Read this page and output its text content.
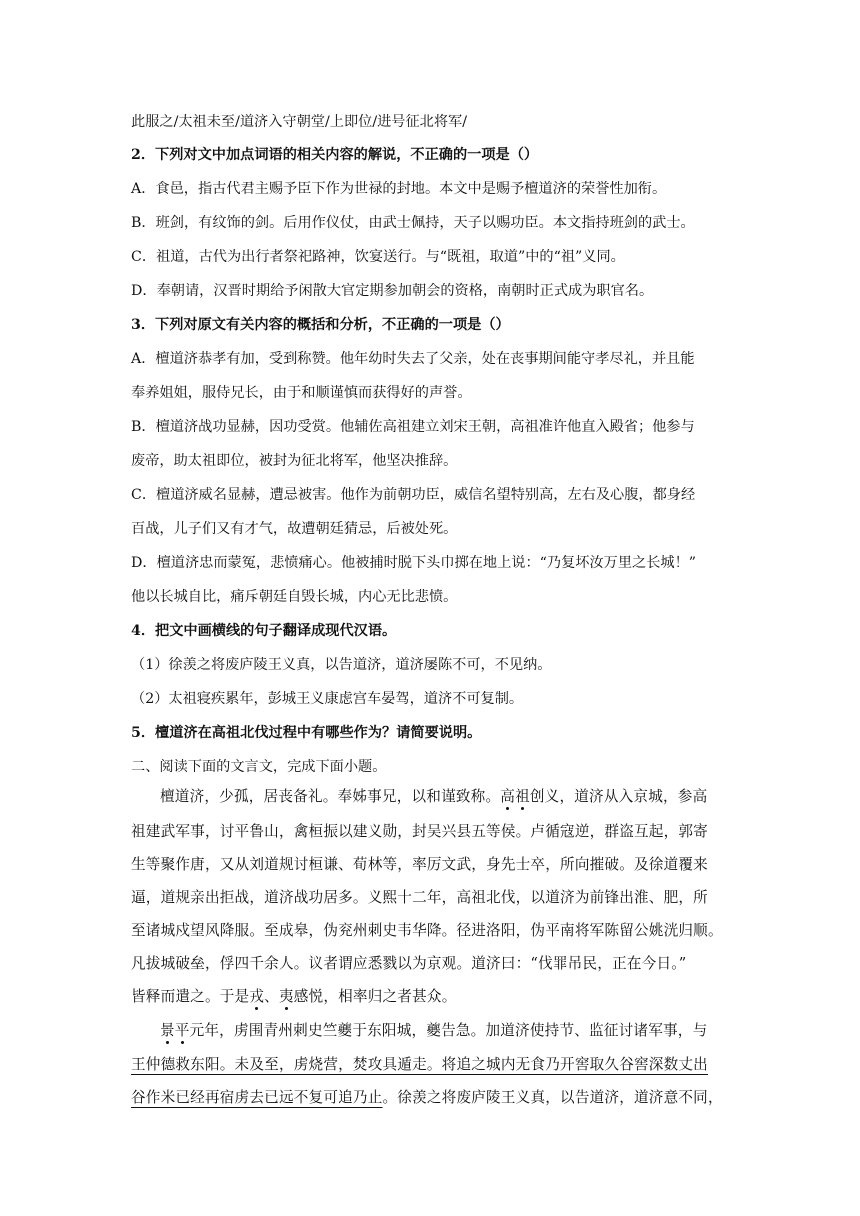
此服之/太祖未至/道济入守朝堂/上即位/进号征北将军/
2．下列对文中加点词语的相关内容的解说，不正确的一项是（）
A．食邑，指古代君主赐予臣下作为世禄的封地。本文中是赐予檀道济的荣誉性加衔。
B．班剑，有纹饰的剑。后用作仪仗，由武士佩持，天子以赐功臣。本文指持班剑的武士。
C．祖道，古代为出行者祭祀路神，饮宴送行。与“既祖，取道”中的“祖”义同。
D．奉朝请，汉晋时期给予闲散大官定期参加朝会的资格，南朝时正式成为职官名。
3．下列对原文有关内容的概括和分析，不正确的一项是（）
A．檀道济恭孝有加，受到称赞。他年幼时失去了父亲，处在丧事期间能守孝尽礼，并且能
奉养姐姐，服侍兄长，由于和顺谨慎而获得好的声誉。
B．檀道济战功显赫，因功受赏。他辅佐高祖建立刘宋王朝，高祖准许他直入殿省；他参与
废帝，助太祖即位，被封为征北将军，他坚决推辞。
C．檀道济威名显赫，遭忌被害。他作为前朝功臣，威信名望特别高，左右及心腹，都身经
百战，儿子们又有才气，故遭朝廷猜忌，后被处死。
D．檀道济忠而蒙冤，悲愤痛心。他被捕时脱下头巾掷在地上说：“乃复坏汝万里之长城！”
他以长城自比，痛斥朝廷自毁长城，内心无比悲愤。
4．把文中画横线的句子翻译成现代汉语。
（1）徐羡之将废庐陵王义真，以告道济，道济屡陈不可，不见纳。
（2）太祖寝疾累年，彭城王义康虑宫车晏驾，道济不可复制。
5．檀道济在高祖北伐过程中有哪些作为？请简要说明。
二、阅读下面的文言文，完成下面小题。
檀道济，少孤，居丧备礼。奉姊事兄，以和谨致称。高祖创义，道济从入京城，参高
祖建武军事，讨平鲁山，禽桓振以建义勋，封吴兴县五等侯。卢循寇逆，群盗互起，郭寄
生等聚作唐，又从刘道规讨桓谦、荀林等，率厉文武，身先士卒，所向摧破。及徐道覆来
逼，道规亲出拒战，道济战功居多。义熙十二年，高祖北伐，以道济为前锋出淮、肥，所
至诸城戍望风降服。至成皋，伪兖州刺史韦华降。径进洛阳，伪平南将军陈留公姚洸归顺。
凡拔城破垒，俘四千余人。议者谓应悉戮以为京观。道济曰：“伐罪吊民，正在今日。”
皆释而遣之。于是戎、夷感悦，相率归之者甚众。
景平元年，虏围青州刺史竺夔于东阳城，夔告急。加道济使持节、监征讨诸军事，与
王仲德救东阳。未及至，虏烧营，焚攻具遁走。将追之城内无食乃开窖取久谷窖深数丈出
谷作米已经再宿虏去已远不复可追乃止。徐羡之将废庐陵王义真，以告道济，道济意不同，
